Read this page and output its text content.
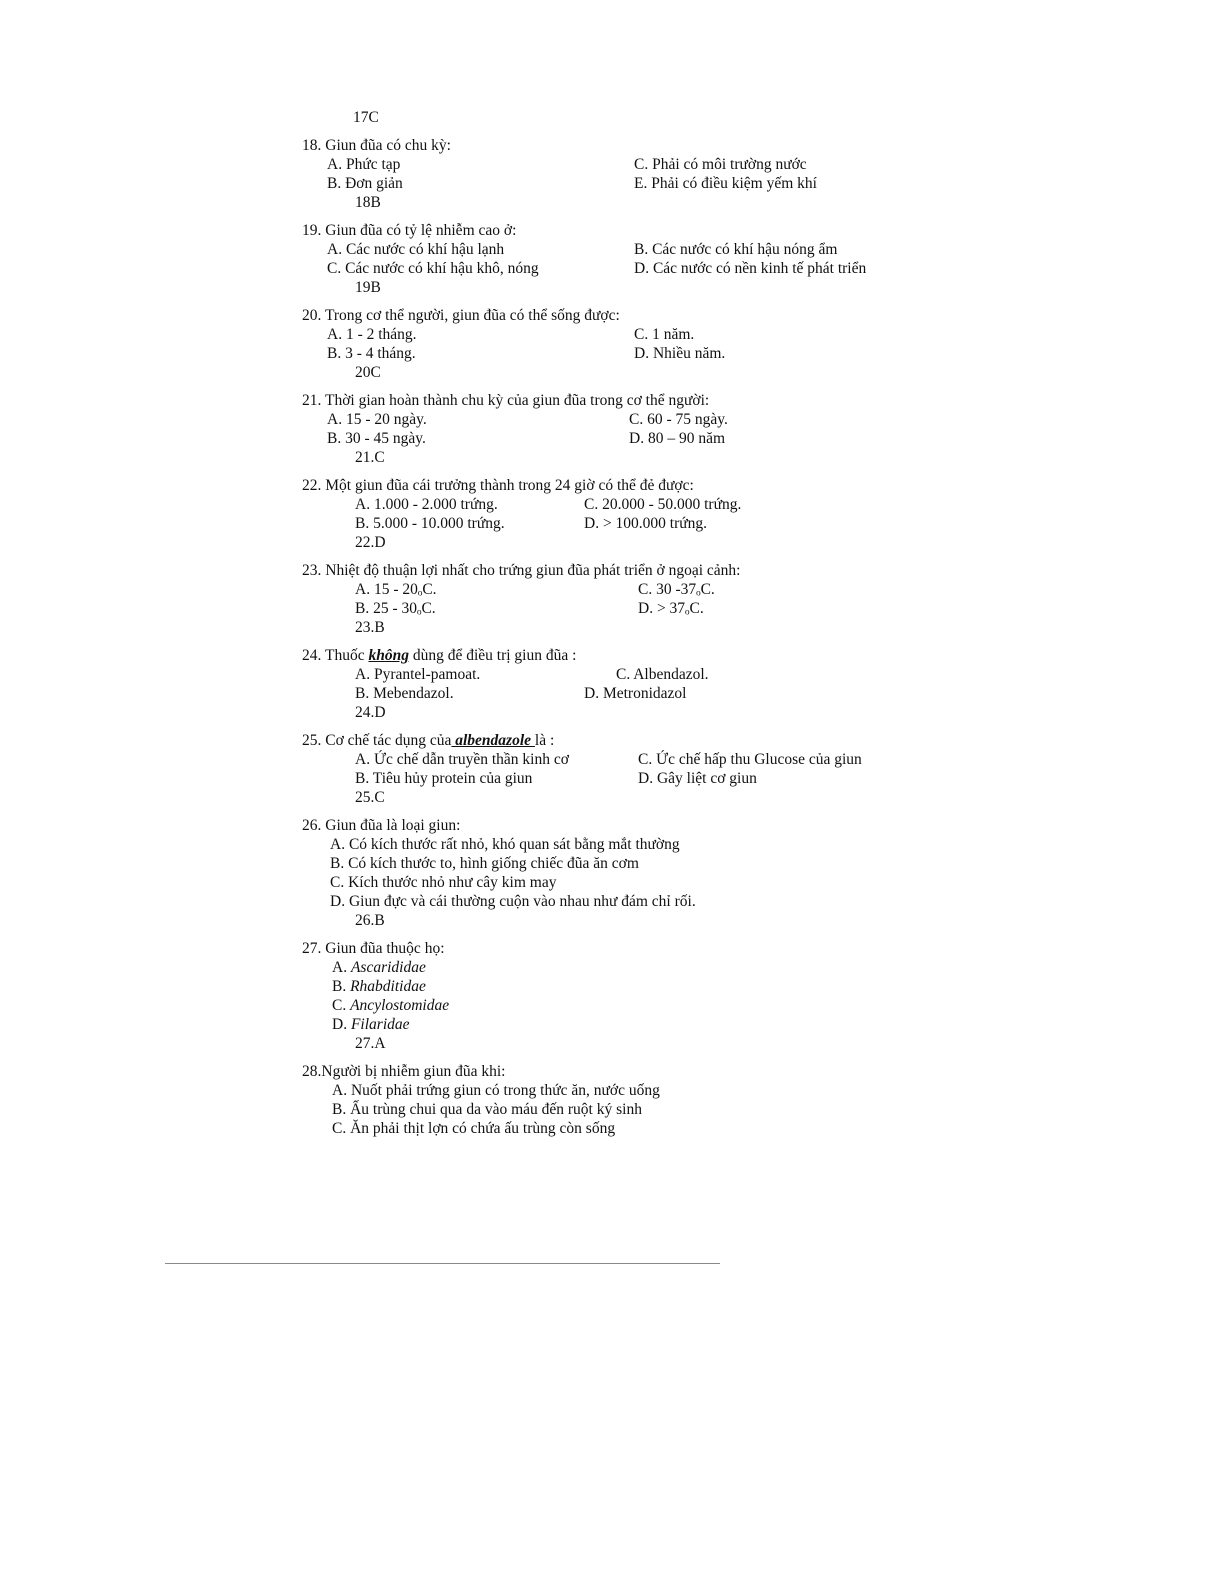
17C
18. Giun đũa có chu kỳ:
A. Phức tạp	C. Phải có môi trường nước
B. Đơn giản	E. Phải có điều kiệm yếm khí
18B
19. Giun đũa có tỷ lệ nhiễm cao ở:
A. Các nước có khí hậu lạnh	B. Các nước có khí hậu nóng ẩm
C. Các nước có khí hậu khô, nóng	D. Các nước có nền kinh tế phát triển
19B
20. Trong cơ thể người, giun đũa có thể sống được:
A. 1 - 2 tháng.	C. 1 năm.
B. 3 - 4 tháng.	D. Nhiều năm.
20C
21. Thời gian hoàn thành chu kỳ của giun đũa trong cơ thể người:
A. 15 - 20 ngày.	C. 60 - 75 ngày.
B. 30 - 45 ngày.	D. 80 – 90 năm
21.C
22. Một giun đũa cái trưởng thành trong 24 giờ có thể đẻ được:
A. 1.000 - 2.000 trứng.	C. 20.000 - 50.000 trứng.
B. 5.000 - 10.000 trứng.	D. > 100.000 trứng.
22.D
23. Nhiệt độ thuận lợi nhất cho trứng giun đũa phát triển ở ngoại cảnh:
A. 15 - 20ₒC.	C. 30 -37ₒC.
B. 25 - 30ₒC.	D. > 37ₒC.
23.B
24. Thuốc không dùng để điều trị giun đũa :
A. Pyrantel-pamoat.	C. Albendazol.
B. Mebendazol.	D. Metronidazol
24.D
25. Cơ chế tác dụng của albendazole là :
A. Ức chế dẫn truyền thần kinh cơ	C. Ức chế hấp thu Glucose của giun
B. Tiêu hủy protein của giun	D. Gây liệt cơ giun
25.C
26. Giun đũa là loại giun:
A. Có kích thước rất nhỏ, khó quan sát bằng mắt thường
B. Có kích thước to, hình giống chiếc đũa ăn cơm
C. Kích thước nhỏ như cây kim may
D. Giun đực và cái thường cuộn vào nhau như đám chỉ rối.
26.B
27. Giun đũa thuộc họ:
A. Ascarididae
B. Rhabditidae
C. Ancylostomidae
D. Filaridae
27.A
28.Người bị nhiễm giun đũa khi:
A. Nuốt phải trứng giun có trong thức ăn, nước uống
B. Ấu trùng chui qua da vào máu đến ruột ký sinh
C. Ăn phải thịt lợn có chứa ấu trùng còn sống
